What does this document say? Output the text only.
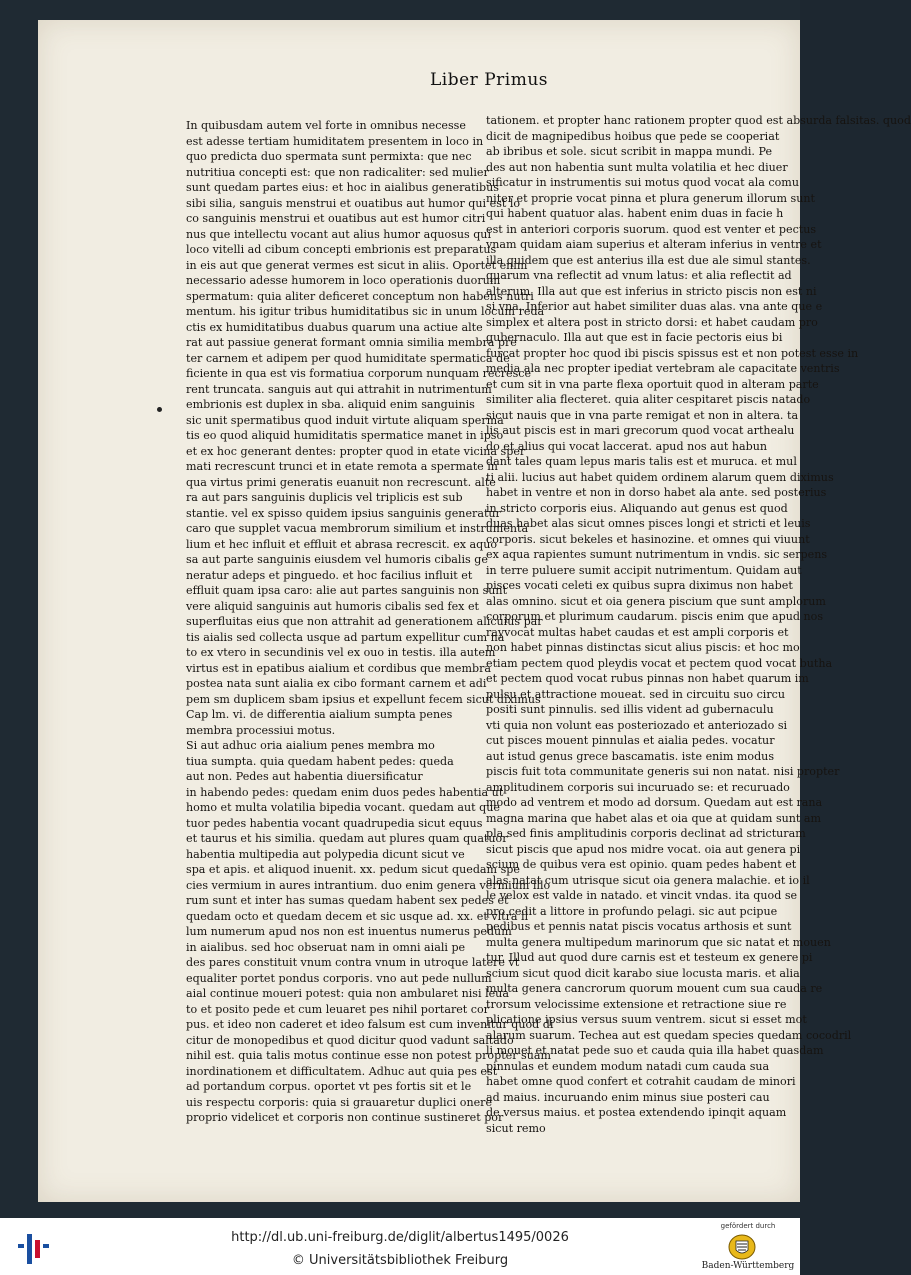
Liber Primus
In quibusdam autem vel forte in omnibus necesse
est adesse tertiam humiditatem presentem in loco in
quo predicta duo spermata sunt permixta: que nec
nutritiua concepti est: que non radicaliter: sed mulier
sunt quedam partes eius: et hoc in aialibus generatibus
sibi silia, sanguis menstrui et ouatibus aut humor qui est lo
co sanguinis menstrui et ouatibus aut est humor citri
nus que intellectu vocant aut alius humor aquosus qui
loco vitelli ad cibum concepti embrionis est preparatus
in eis aut que generat vermes est sicut in aliis. Oportet enim
necessario adesse humorem in loco operationis duorum
spermatum: quia aliter deficeret conceptum non habens nutri
mentum. his igitur tribus humiditatibus sic in unum locum reda
ctis ex humiditatibus duabus quarum una actiue alte
rat aut passiue generat formant omnia similia membra pre
ter carnem et adipem per quod humiditate spermatica de
ficiente in qua est vis formatiua corporum nunquam recresce
rent truncata. sanguis aut qui attrahit in nutrimentum
embrionis est duplex in sba. aliquid enim sanguinis
sic unit spermatibus quod induit virtute aliquam sperma
tis eo quod aliquid humiditatis spermatice manet in ipso
et ex hoc generant dentes: propter quod in etate vicina sper
mati recrescunt trunci et in etate remota a spermate in
qua virtus primi generatis euanuit non recrescunt. alte
ra aut pars sanguinis duplicis vel triplicis est sub
stantie. vel ex spisso quidem ipsius sanguinis generatur
caro que supplet vacua membrorum similium et instrumenta
lium et hec influit et effluit et abrasa recrescit. ex aquo
sa aut parte sanguinis eiusdem vel humoris cibalis ge
neratur adeps et pinguedo. et hoc facilius influit et
effluit quam ipsa caro: alie aut partes sanguinis non sunt
vere aliquid sanguinis aut humoris cibalis sed fex et
superfluitas eius que non attrahit ad generationem alicuius par
tis aialis sed collecta usque ad partum expellitur cum na
to ex vtero in secundinis vel ex ouo in testis. illa autem
virtus est in epatibus aialium et cordibus que membra
postea nata sunt aialia ex cibo formant carnem et adi
pem sm duplicem sbam ipsius et expellunt fecem sicut diximus
Cap lm. vi. de differentia aialium sumpta penes
membra processiui motus.
Si aut adhuc oria aialium penes membra mo
tiua sumpta. quia quedam habent pedes: queda
aut non. Pedes aut habentia diuersificatur
in habendo pedes: quedam enim duos pedes habentia ut
homo et multa volatilia bipedia vocant. quedam aut que
tuor pedes habentia vocant quadrupedia sicut equus
et taurus et his similia. quedam aut plures quam quatuor
habentia multipedia aut polypedia dicunt sicut ve
spa et apis. et aliquod inuenit. xx. pedum sicut quedam spe
cies vermium in aures intrantium. duo enim genera vermium illo
rum sunt et inter has sumas quedam habent sex pedes et
quedam octo et quedam decem et sic usque ad. xx. et vltra il
lum numerum apud nos non est inuentus numerus pedum
in aialibus. sed hoc obseruat nam in omni aiali pe
des pares constituit vnum contra vnum in utroque latere vt
equaliter portet pondus corporis. vno aut pede nullum
aial continue moueri potest: quia non ambularet nisi leua
to et posito pede et cum leuaret pes nihil portaret cor
pus. et ideo non caderet et ideo falsum est cum invenitur quod di
citur de monopedibus et quod dicitur quod vadunt saltado
nihil est. quia talis motus continue esse non potest propter suam
inordinationem et difficultatem. Adhuc aut quia pes est
ad portandum corpus. oportet vt pes fortis sit et le
uis respectu corporis: quia si grauaretur duplici onere
proprio videlicet et corporis non continue sustineret por
tationem. et propter hanc rationem propter quod est absurda falsitas. quod
dicit de magnipedibus hoibus que pede se cooperiat
ab ibribus et sole. sicut scribit in mappa mundi. Pe
des aut non habentia sunt multa volatilia et hec diuer
sificatur in instrumentis sui motus quod vocat ala comu
niter et proprie vocat pinna et plura generum illorum sunt
qui habent quatuor alas. habent enim duas in facie h
est in anteriori corporis suorum. quod est venter et pectus
vnam quidam aiam superius et alteram inferius in ventre et
illa quidem que est anterius illa est due ale simul stantes.
quarum vna reflectit ad vnum latus: et alia reflectit ad
alterum. Illa aut que est inferius in stricto piscis non est ni
si vna. Inferior aut habet similiter duas alas. vna ante que e
simplex et altera post in stricto dorsi: et habet caudam pro
gubernaculo. Illa aut que est in facie pectoris eius bi
furcat propter hoc quod ibi piscis spissus est et non potest esse in
media ala nec propter ipediat vertebram ale capacitate ventris
et cum sit in vna parte flexa oportuit quod in alteram parte
similiter alia flecteret. quia aliter cespitaret piscis natado
sicut nauis que in vna parte remigat et non in altera. ta
lis aut piscis est in mari grecorum quod vocat arthealu
do et alius qui vocat laccerat. apud nos aut habun
dant tales quam lepus maris talis est et muruca. et mul
ti alii. lucius aut habet quidem ordinem alarum quem diximus
habet in ventre et non in dorso habet ala ante. sed posterius
in stricto corporis eius. Aliquando aut genus est quod
duas habet alas sicut omnes pisces longi et stricti et leuis
corporis. sicut bekeles et hasinozine. et omnes qui viuunt
ex aqua rapientes sumunt nutrimentum in vndis. sic serpens
in terre puluere sumit accipit nutrimentum. Quidam aut
pisces vocati celeti ex quibus supra diximus non habet
alas omnino. sicut et oia genera piscium que sunt amplorum
corporum et plurimum caudarum. piscis enim que apud nos
rayvocat multas habet caudas et est ampli corporis et
non habet pinnas distinctas sicut alius piscis: et hoc mo
etiam pectem quod pleydis vocat et pectem quod vocat butha
et pectem quod vocat rubus pinnas non habet quarum im
pulsu et attractione moueat. sed in circuitu suo circu
positi sunt pinnulis. sed illis vident ad gubernaculu
vti quia non volunt eas posteriozado et anteriozado si
cut pisces mouent pinnulas et aialia pedes. vocatur
aut istud genus grece bascamatis. iste enim modus
piscis fuit tota communitate generis sui non natat. nisi propter
amplitudinem corporis sui incuruado se: et recuruado
modo ad ventrem et modo ad dorsum. Quedam aut est rana
magna marina que habet alas et oia que at quidam sunt am
pla sed finis amplitudinis corporis declinat ad stricturam
sicut piscis que apud nos midre vocat. oia aut genera pi
scium de quibus vera est opinio. quam pedes habent et
alas natat cum utrisque sicut oia genera malachie. et io il
le velox est valde in natado. et vincit vndas. ita quod se
pro cedit a littore in profundo pelagi. sic aut pcipue
pedibus et pennis natat piscis vocatus arthosis et sunt
multa genera multipedum marinorum que sic natat et mouen
tur. Illud aut quod dure carnis est et testeum ex genere pi
scium sicut quod dicit karabo siue locusta maris. et alia
multa genera cancrorum quorum mouent cum sua cauda re
trorsum velocissime extensione et retractione siue re
plicatione ipsius versus suum ventrem. sicut si esset mot
alarum suarum. Techea aut est quedam species quedam cocodril
li mouet et natat pede suo et cauda quia illa habet quasdam
pinnulas et eundem modum natadi cum cauda sua
habet omne quod confert et cotrahit caudam de minori
ad maius. incuruando enim minus siue posteri cau
de versus maius. et postea extendendo ipinqit aquam
sicut remo
http://dl.ub.uni-freiburg.de/diglit/albertus1495/0026
© Universitätsbibliothek Freiburg
gefördert durch
Baden-Württemberg
